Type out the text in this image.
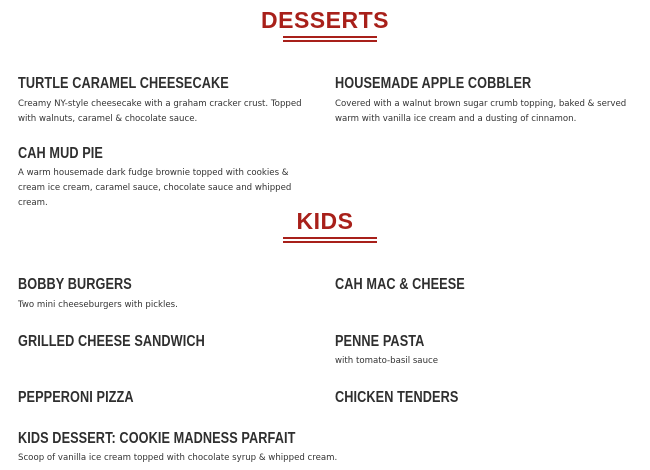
DESSERTS
TURTLE CARAMEL CHEESECAKE
Creamy NY-style cheesecake with a graham cracker crust. Topped with walnuts, caramel & chocolate sauce.
HOUSEMADE APPLE COBBLER
Covered with a walnut brown sugar crumb topping, baked & served warm with vanilla ice cream and a dusting of cinnamon.
CAH MUD PIE
A warm housemade dark fudge brownie topped with cookies & cream ice cream, caramel sauce, chocolate sauce and whipped cream.
KIDS
BOBBY BURGERS
Two mini cheeseburgers with pickles.
CAH MAC & CHEESE
GRILLED CHEESE SANDWICH	PENNE PASTA
with tomato-basil sauce
PEPPERONI PIZZA	CHICKEN TENDERS
KIDS DESSERT: COOKIE MADNESS PARFAIT
Scoop of vanilla ice cream topped with chocolate syrup & whipped cream.
